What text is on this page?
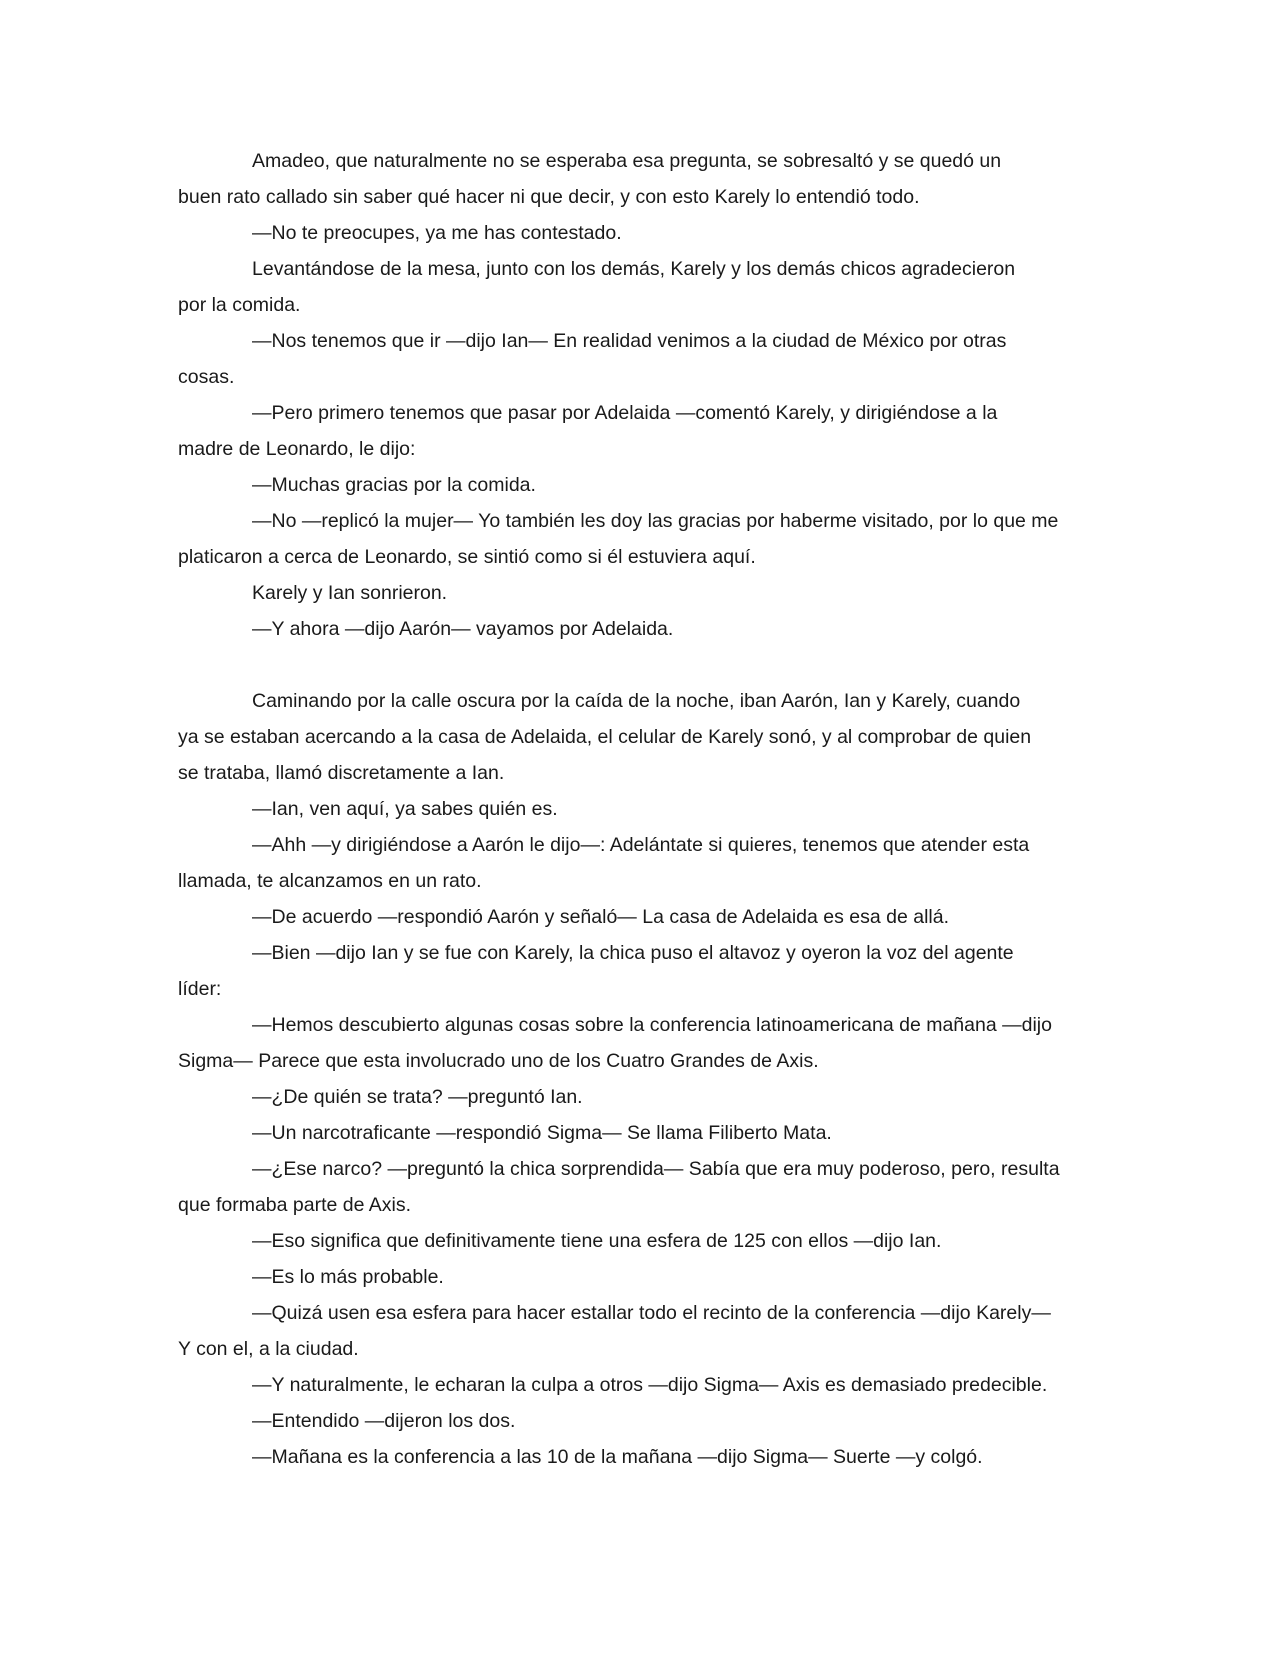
Amadeo, que naturalmente no se esperaba esa pregunta, se sobresaltó y se quedó un

buen rato callado sin saber qué hacer ni que decir, y con esto Karely lo entendió todo.

—No te preocupes, ya me has contestado.

Levantándose de la mesa, junto con los demás, Karely y los demás chicos agradecieron

por la comida.

—Nos tenemos que ir —dijo Ian— En realidad venimos a la ciudad de México por otras

cosas.

—Pero primero tenemos que pasar por Adelaida —comentó Karely, y dirigiéndose a la

madre de Leonardo, le dijo:

—Muchas gracias por la comida.

—No —replicó la mujer— Yo también les doy las gracias por haberme visitado, por lo que me

platicaron a cerca de Leonardo, se sintió como si él estuviera aquí.

Karely y Ian sonrieron.

—Y ahora —dijo Aarón— vayamos por Adelaida.

Caminando por la calle oscura por la caída de la noche, iban Aarón, Ian y Karely, cuando

ya se estaban acercando a la casa de Adelaida, el celular de Karely sonó, y al comprobar de quien

se trataba, llamó discretamente a Ian.

—Ian, ven aquí, ya sabes quién es.

—Ahh —y dirigiéndose a Aarón le dijo—: Adelántate si quieres, tenemos que atender esta

llamada, te alcanzamos en un rato.

—De acuerdo —respondió Aarón y señaló— La casa de Adelaida es esa de allá.

—Bien —dijo Ian y se fue con Karely, la chica puso el altavoz y oyeron la voz del agente

líder:

—Hemos descubierto algunas cosas sobre la conferencia latinoamericana de mañana —dijo

Sigma— Parece que esta involucrado uno de los Cuatro Grandes de Axis.

—¿De quién se trata? —preguntó Ian.

—Un narcotraficante —respondió Sigma— Se llama Filiberto Mata.

—¿Ese narco? —preguntó la chica sorprendida— Sabía que era muy poderoso, pero, resulta

que formaba parte de Axis.

—Eso significa que definitivamente tiene una esfera de 125 con ellos —dijo Ian.

—Es lo más probable.

—Quizá usen esa esfera para hacer estallar todo el recinto de la conferencia —dijo Karely—

Y con el, a la ciudad.

—Y naturalmente, le echaran la culpa a otros —dijo Sigma— Axis es demasiado predecible.

—Entendido —dijeron los dos.

—Mañana es la conferencia a las 10 de la mañana —dijo Sigma— Suerte —y colgó.
